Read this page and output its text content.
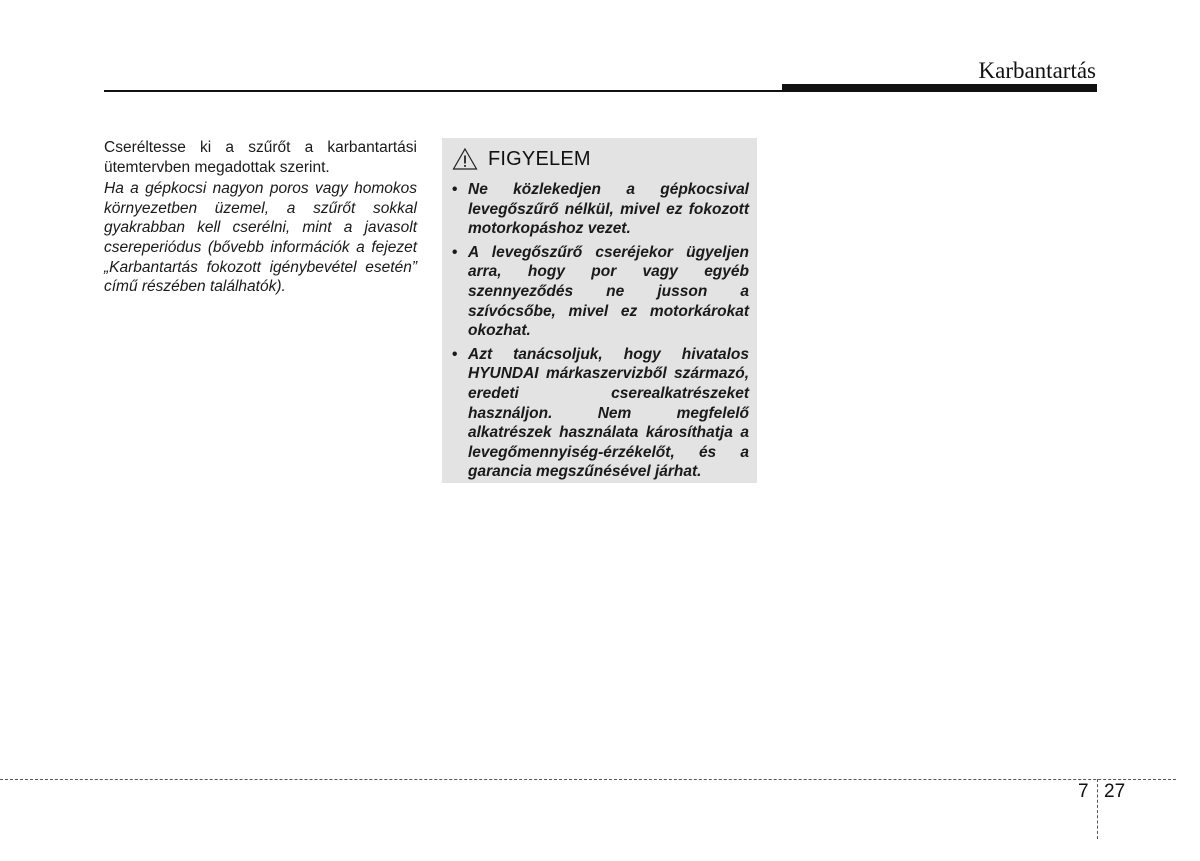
Karbantartás

Cseréltesse ki a szűrőt a karbantartási ütemtervben megadottak szerint.

Ha a gépkocsi nagyon poros vagy homokos környezetben üzemel, a szűrőt sokkal gyakrabban kell cserélni, mint a javasolt csereperiódus (bővebb információk a fejezet „Karbantartás fokozott igénybevétel esetén” című részében találhatók).

FIGYELEM
• Ne közlekedjen a gépkocsival levegőszűrő nélkül, mivel ez fokozott motorkopáshoz vezet.
• A levegőszűrő cseréjekor ügyeljen arra, hogy por vagy egyéb szennyeződés ne jusson a szívócsőbe, mivel ez motorkárokat okozhat.
• Azt tanácsoljuk, hogy hivatalos HYUNDAI márkaszervizből származó, eredeti cserealkatrészeket használjon. Nem megfelelő alkatrészek használata károsíthatja a levegőmennyiség-érzékelőt, és a garancia megszűnésével járhat.
7 27
